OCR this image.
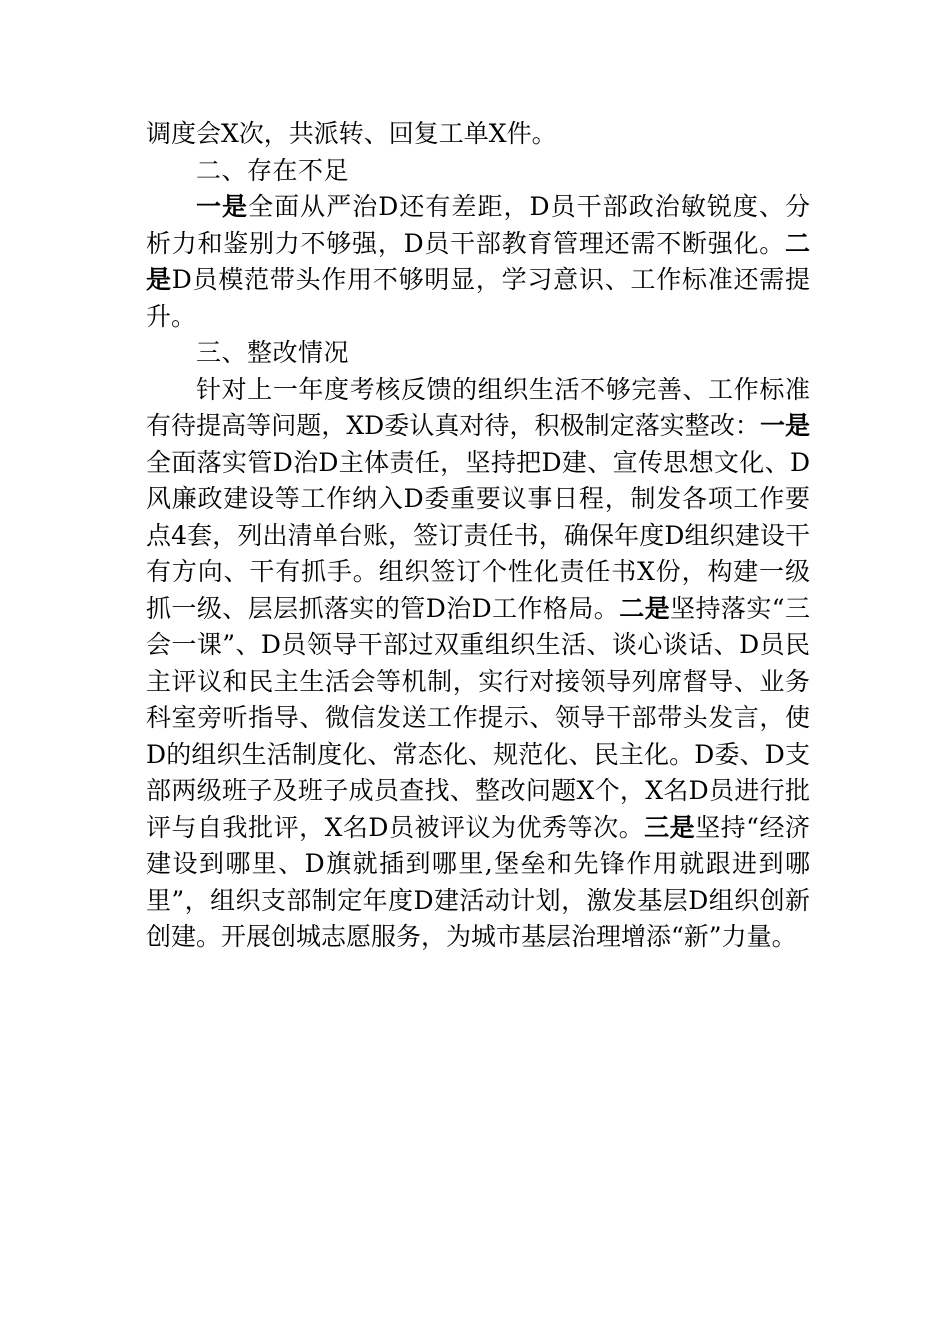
调度会X次，共派转、回复工单X件。

二、存在不足

一是全面从严治D还有差距，D员干部政治敏锐度、分析力和鉴别力不够强，D员干部教育管理还需不断强化。二是D员模范带头作用不够明显，学习意识、工作标准还需提升。

三、整改情况

针对上一年度考核反馈的组织生活不够完善、工作标准有待提高等问题，XD委认真对待，积极制定落实整改：一是全面落实管D治D主体责任，坚持把D建、宣传思想文化、D风廉政建设等工作纳入D委重要议事日程，制发各项工作要点4套，列出清单台账，签订责任书，确保年度D组织建设干有方向、干有抓手。组织签订个性化责任书X份，构建一级抓一级、层层抓落实的管D治D工作格局。二是坚持落实“三会一课”、D员领导干部过双重组织生活、谈心谈话、D员民主评议和民主生活会等机制，实行对接领导列席督导、业务科室旁听指导、微信发送工作提示、领导干部带头发言，使D的组织生活制度化、常态化、规范化、民主化。D委、D支部两级班子及班子成员查找、整改问题X个，X名D员进行批评与自我批评，X名D员被评议为优秀等次。三是坚持“经济建设到哪里、D旗就插到哪里,堡垒和先锋作用就跟进到哪里”，组织支部制定年度D建活动计划，激发基层D组织创新创建。开展创城志愿服务，为城市基层治理增添“新”力量。
